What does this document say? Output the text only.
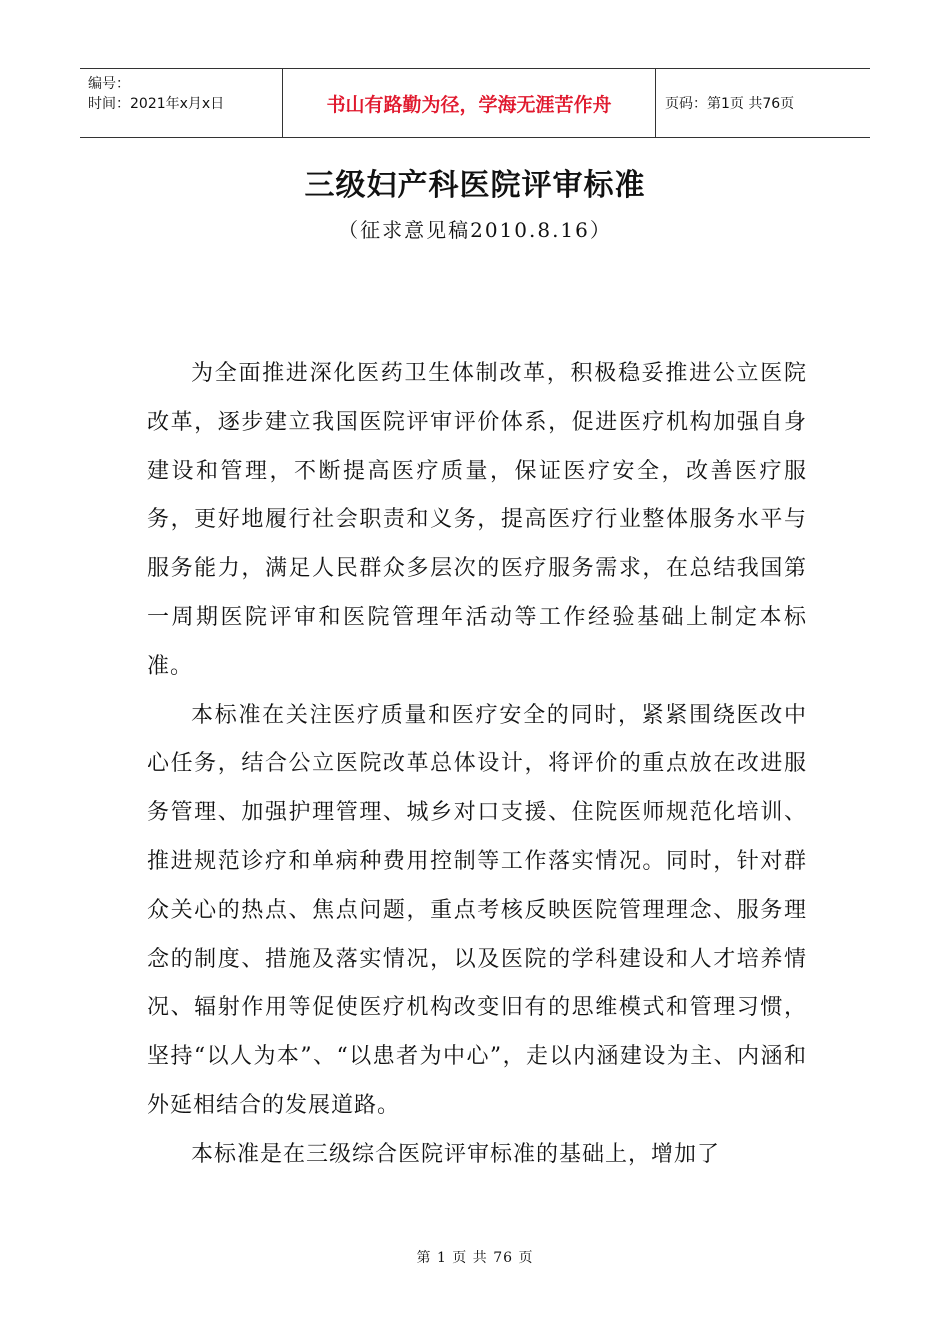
编号：
时间：2021年x月x日	书山有路勤为径，学海无涯苦作舟	页码：第1页 共76页
三级妇产科医院评审标准
（征求意见稿2010.8.16）

为全面推进深化医药卫生体制改革，积极稳妥推进公立医院改革，逐步建立我国医院评审评价体系，促进医疗机构加强自身建设和管理，不断提高医疗质量，保证医疗安全，改善医疗服务，更好地履行社会职责和义务，提高医疗行业整体服务水平与服务能力，满足人民群众多层次的医疗服务需求，在总结我国第一周期医院评审和医院管理年活动等工作经验基础上制定本标准。

本标准在关注医疗质量和医疗安全的同时，紧紧围绕医改中心任务，结合公立医院改革总体设计，将评价的重点放在改进服务管理、加强护理管理、城乡对口支援、住院医师规范化培训、推进规范诊疗和单病种费用控制等工作落实情况。同时，针对群众关心的热点、焦点问题，重点考核反映医院管理理念、服务理念的制度、措施及落实情况，以及医院的学科建设和人才培养情况、辐射作用等促使医疗机构改变旧有的思维模式和管理习惯，坚持“以人为本”、“以患者为中心”，走以内涵建设为主、内涵和外延相结合的发展道路。

本标准是在三级综合医院评审标准的基础上，增加了

第 1 页 共 76 页
